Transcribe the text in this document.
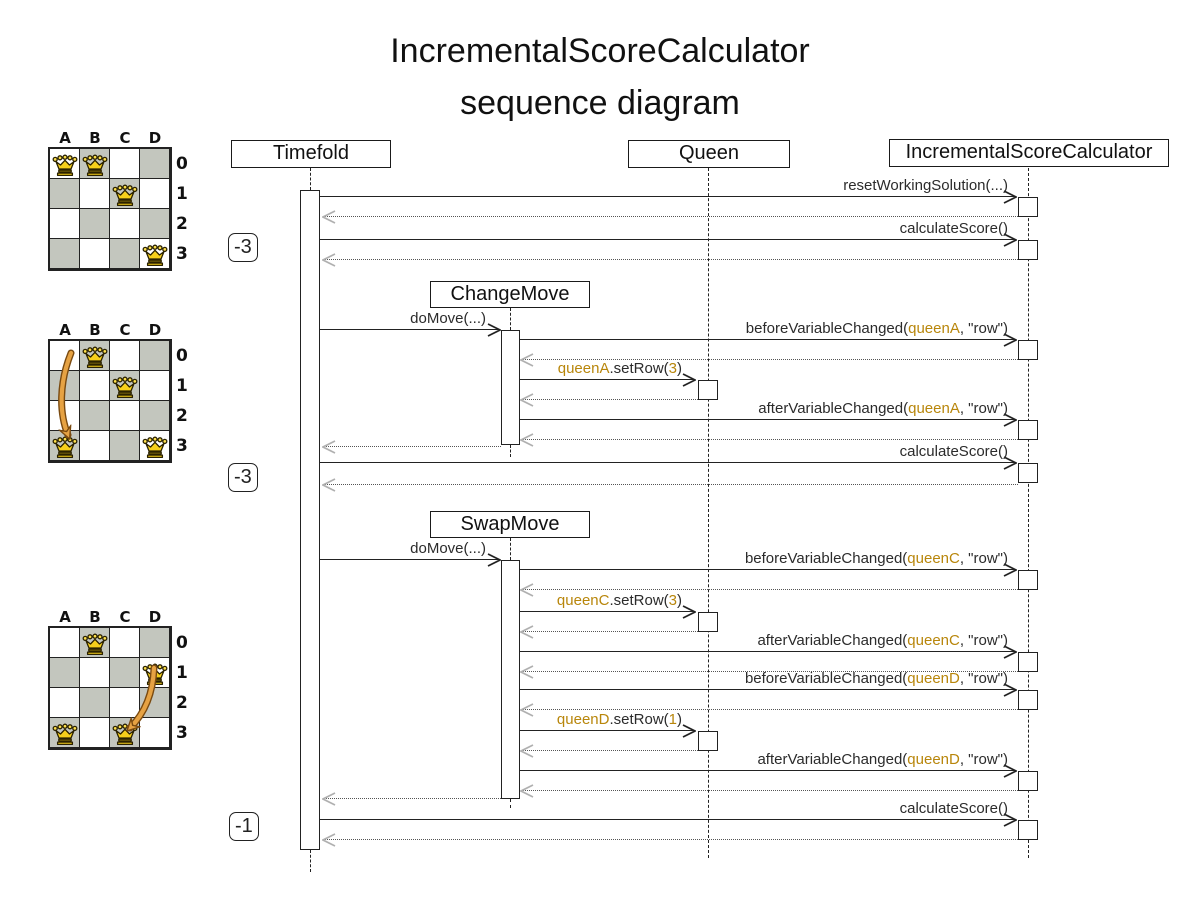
IncrementalScoreCalculator
sequence diagram
Timefold	Queen	IncrementalScoreCalculator
ChangeMove
SwapMove
-3
-3
-1
resetWorkingSolution(...)
calculateScore()
doMove(...)
beforeVariableChanged(queenA, "row")
queenA.setRow(3)
afterVariableChanged(queenA, "row")
calculateScore()
doMove(...)
beforeVariableChanged(queenC, "row")
queenC.setRow(3)
afterVariableChanged(queenC, "row")
beforeVariableChanged(queenD, "row")
queenD.setRow(1)
afterVariableChanged(queenD, "row")
calculateScore()
A	B	C	D
0
1
2
3
A	B	C	D
0
1
2
3
A	B	C	D
0
1
2
3
